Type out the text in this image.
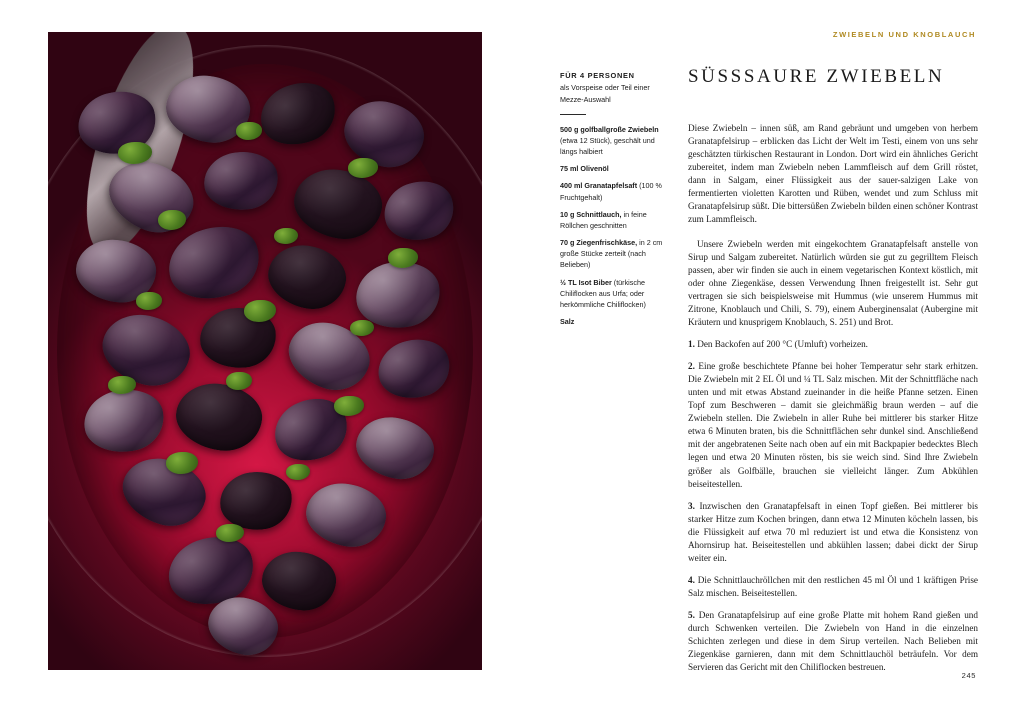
ZWIEBELN UND KNOBLAUCH
SÜSSSAURE ZWIEBELN
FÜR 4 PERSONEN
als Vorspeise oder Teil einer Mezze-Auswahl

500 g golfballgroße Zwiebeln (etwa 12 Stück), geschält und längs halbiert

75 ml Olivenöl

400 ml Granatapfelsaft (100 % Fruchtgehalt)

10 g Schnittlauch, in feine Röllchen geschnitten

70 g Ziegenfrischkäse, in 2 cm große Stücke zerteilt (nach Belieben)

½ TL Isot Biber (türkische Chiliflocken aus Urfa; oder herkömmliche Chiliflocken)

Salz

Diese Zwiebeln – innen süß, am Rand gebräunt und umgeben von herbem Granatapfelsirup – erblicken das Licht der Welt im Testi, einem von uns sehr geschätzten türkischen Restaurant in London. Dort wird ein ähnliches Gericht zubereitet, indem man Zwiebeln neben Lammfleisch auf dem Grill röstet, dann in Salgam, einer Flüssigkeit aus der sauer-salzigen Lake von fermentierten violetten Karotten und Rüben, wendet und zum Schluss mit Granatapfelsirup süßt. Die bittersüßen Zwiebeln bilden einen schöner Kontrast zum Lammfleisch.

Unsere Zwiebeln werden mit eingekochtem Granatapfelsaft anstelle von Sirup und Salgam zubereitet. Natürlich würden sie gut zu gegrilltem Fleisch passen, aber wir finden sie auch in einem vegetarischen Kontext köstlich, mit oder ohne Ziegenkäse, dessen Verwendung Ihnen freigestellt ist. Sehr gut vertragen sie sich beispielsweise mit Hummus (wie unserem Hummus mit Zitrone, Knoblauch und Chili, S. 79), einem Auberginensalat (Aubergine mit Kräutern und knusprigem Knoblauch, S. 251) und Brot.

1. Den Backofen auf 200 °C (Umluft) vorheizen.

2. Eine große beschichtete Pfanne bei hoher Temperatur sehr stark erhitzen. Die Zwiebeln mit 2 EL Öl und ¼ TL Salz mischen. Mit der Schnittfläche nach unten und mit etwas Abstand zueinander in die heiße Pfanne setzen. Einen Topf zum Beschweren – damit sie gleichmäßig braun werden – auf die Zwiebeln stellen. Die Zwiebeln in aller Ruhe bei mittlerer bis starker Hitze etwa 6 Minuten braten, bis die Schnittflächen sehr dunkel sind. Anschließend mit der angebratenen Seite nach oben auf ein mit Backpapier bedecktes Blech legen und etwa 20 Minuten rösten, bis sie weich sind. Sind Ihre Zwiebeln größer als Golfbälle, brauchen sie vielleicht länger. Zum Abkühlen beiseitestellen.

3. Inzwischen den Granatapfelsaft in einen Topf gießen. Bei mittlerer bis starker Hitze zum Kochen bringen, dann etwa 12 Minuten köcheln lassen, bis die Flüssigkeit auf etwa 70 ml reduziert ist und etwa die Konsistenz von Ahornsirup hat. Beiseitestellen und abkühlen lassen; dabei dickt der Sirup weiter ein.

4. Die Schnittlauchröllchen mit den restlichen 45 ml Öl und 1 kräftigen Prise Salz mischen. Beiseitestellen.

5. Den Granatapfelsirup auf eine große Platte mit hohem Rand gießen und durch Schwenken verteilen. Die Zwiebeln von Hand in die einzelnen Schichten zerlegen und diese in dem Sirup verteilen. Nach Belieben mit Ziegenkäse garnieren, dann mit dem Schnittlauchöl beträufeln. Vor dem Servieren das Gericht mit den Chiliflocken bestreuen.

245
